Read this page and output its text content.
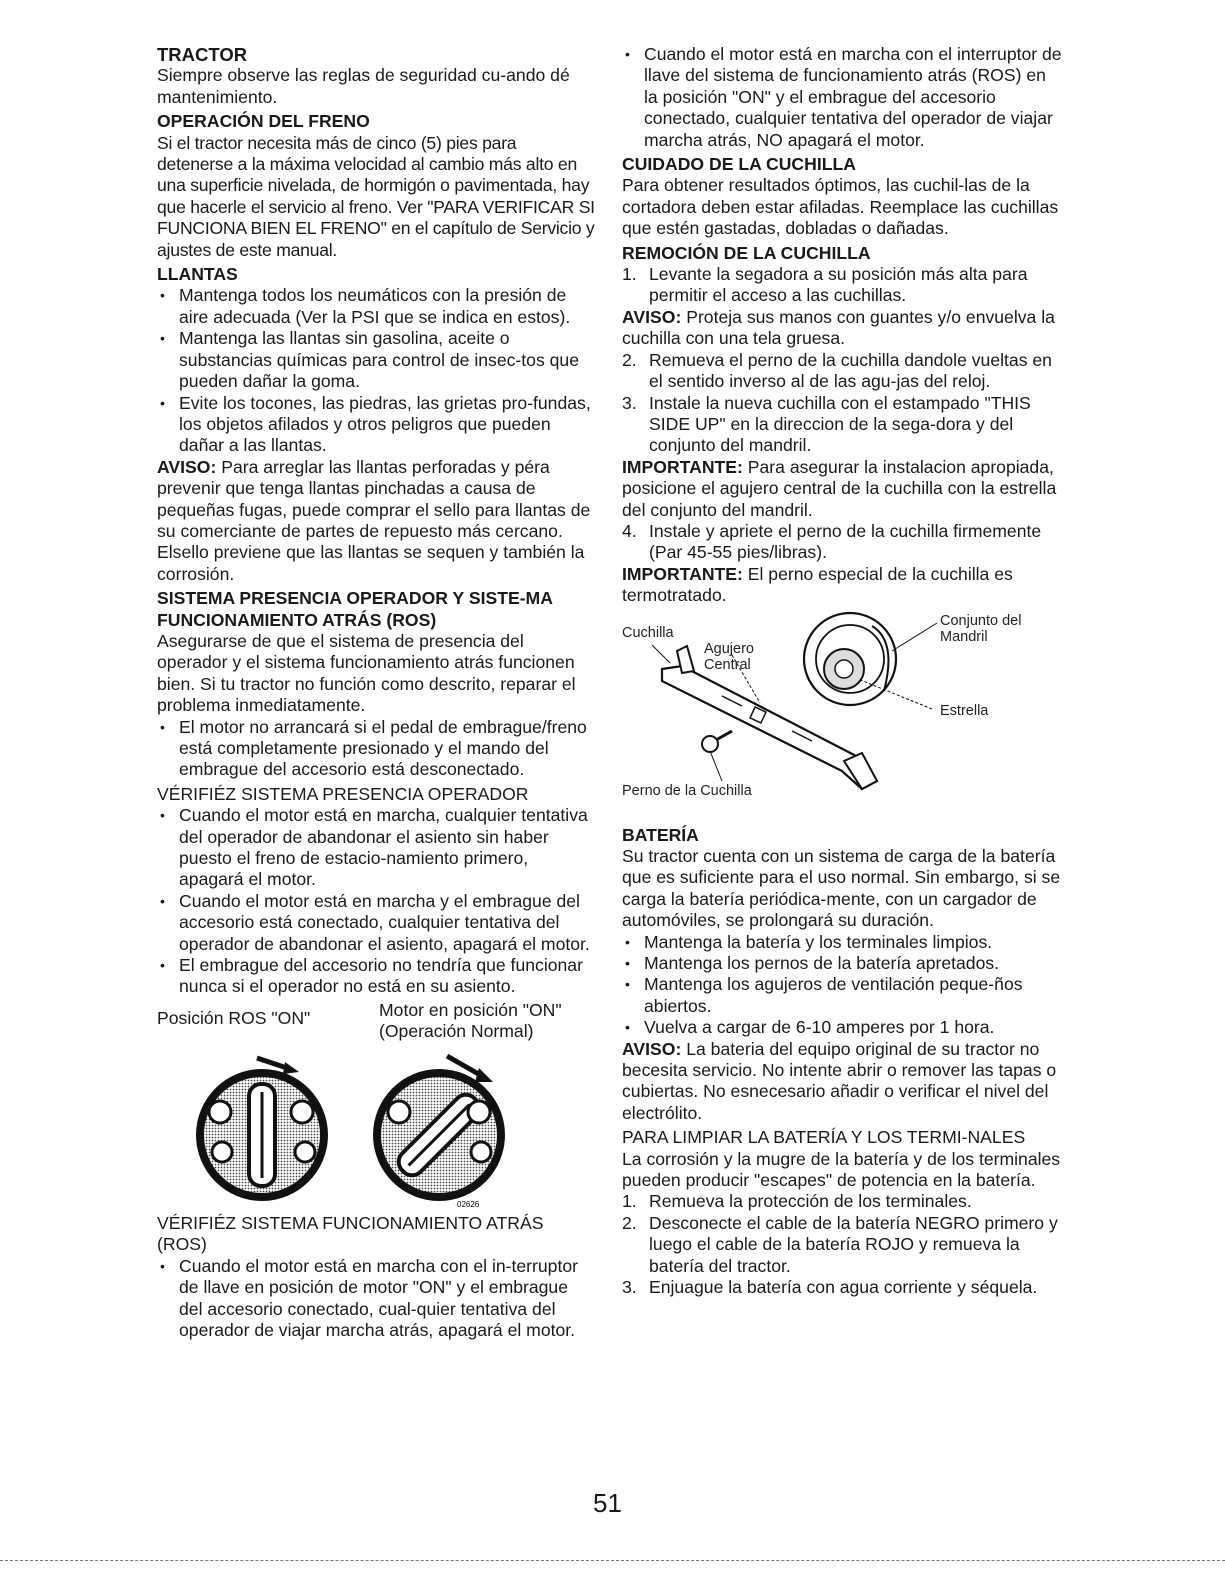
TRACTOR

Siempre observe las reglas de seguridad cu-ando dé mantenimiento.

OPERACIÓN DEL FRENO

Si el tractor necesita más de cinco (5) pies para detenerse a la máxima velocidad al cambio más alto en una superficie nivelada, de hormigón o pavimentada, hay que hacerle el servicio al freno. Ver "PARA VERIFICAR SI FUNCIONA BIEN EL FRENO" en el capítulo de Servicio y ajustes de este manual.

LLANTAS
• Mantenga todos los neumáticos con la presión de aire adecuada (Ver la PSI que se indica en estos).
• Mantenga las llantas sin gasolina, aceite o substancias químicas para control de insec-tos que pueden dañar la goma.
• Evite los tocones, las piedras, las grietas pro-fundas, los objetos afilados y otros peligros que pueden dañar a las llantas.

AVISO: Para arreglar las llantas perforadas y péra prevenir que tenga llantas pinchadas a causa de pequeñas fugas, puede comprar el sello para llantas de su comerciante de partes de repuesto más cercano. Elsello previene que las llantas se sequen y también la corrosión.

SISTEMA PRESENCIA OPERADOR Y SISTE-MA FUNCIONAMIENTO ATRÁS (ROS)

Asegurarse de que el sistema de presencia del operador y el sistema funcionamiento atrás funcionen bien. Si tu tractor no función como descrito, reparar el problema inmediatamente.

• El motor no arrancará si el pedal de embrague/freno está completamente presionado y el mando del embrague del accesorio está desconectado.
VÉRIFIÉZ SISTEMA PRESENCIA OPERADOR
• Cuando el motor está en marcha, cualquier tentativa del operador de abandonar el asiento sin haber puesto el freno de estacio-namiento primero, apagará el motor.
• Cuando el motor está en marcha y el embrague del accesorio está conectado, cualquier tentativa del operador de abandonar el asiento, apagará el motor.
• El embrague del accesorio no tendría que funcionar nunca si el operador no está en su asiento.
Posición ROS "ON"	Motor en posición "ON"
(Operación Normal)
02626
VÉRIFIÉZ SISTEMA FUNCIONAMIENTO ATRÁS (ROS)
• Cuando el motor está en marcha con el in-terruptor de llave en posición de motor "ON" y el embrague del accesorio conectado, cual-quier tentativa del operador de viajar marcha atrás, apagará el motor.
• Cuando el motor está en marcha con el interruptor de llave del sistema de funcionamiento atrás (ROS) en la posición "ON" y el embrague del accesorio conectado, cualquier tentativa del operador de viajar marcha atrás, NO apagará el motor.
CUIDADO DE LA CUCHILLA

Para obtener resultados óptimos, las cuchil-las de la cortadora deben estar afiladas. Reemplace las cuchillas que estén gastadas, dobladas o dañadas.

REMOCIÓN DE LA CUCHILLA
1. Levante la segadora a su posición más alta para permitir el acceso a las cuchillas.

AVISO: Proteja sus manos con guantes y/o envuelva la cuchilla con una tela gruesa.

2. Remueva el perno de la cuchilla dandole vueltas en el sentido inverso al de las agu-jas del reloj.
3. Instale la nueva cuchilla con el estampado "THIS SIDE UP" en la direccion de la sega-dora y del conjunto del mandril.

IMPORTANTE: Para asegurar la instalacion apropiada, posicione el agujero central de la cuchilla con la estrella del conjunto del mandril.

4. Instale y apriete el perno de la cuchilla firmemente (Par 45-55 pies/libras).

IMPORTANTE: El perno especial de la cuchilla es termotratado.

Cuchilla
Agujero
Central
Conjunto del
Mandril
Estrella
Perno de la Cuchilla
BATERÍA

Su tractor cuenta con un sistema de carga de la batería que es suficiente para el uso normal. Sin embargo, si se carga la batería periódica-mente, con un cargador de automóviles, se prolongará su duración.

• Mantenga la batería y los terminales limpios.
• Mantenga los pernos de la batería apretados.
• Mantenga los agujeros de ventilación peque-ños abiertos.
• Vuelva a cargar de 6-10 amperes por 1 hora.

AVISO: La bateria del equipo original de su tractor no becesita servicio. No intente abrir o remover las tapas o cubiertas. No esnecesario añadir o verificar el nivel del electrólito.

PARA LIMPIAR LA BATERÍA Y LOS TERMI-NALES

La corrosión y la mugre de la batería y de los terminales pueden producir "escapes" de potencia en la batería.

1. Remueva la protección de los terminales.
2. Desconecte el cable de la batería NEGRO primero y luego el cable de la batería ROJO y remueva la batería del tractor.
3. Enjuague la batería con agua corriente y séquela.
51
